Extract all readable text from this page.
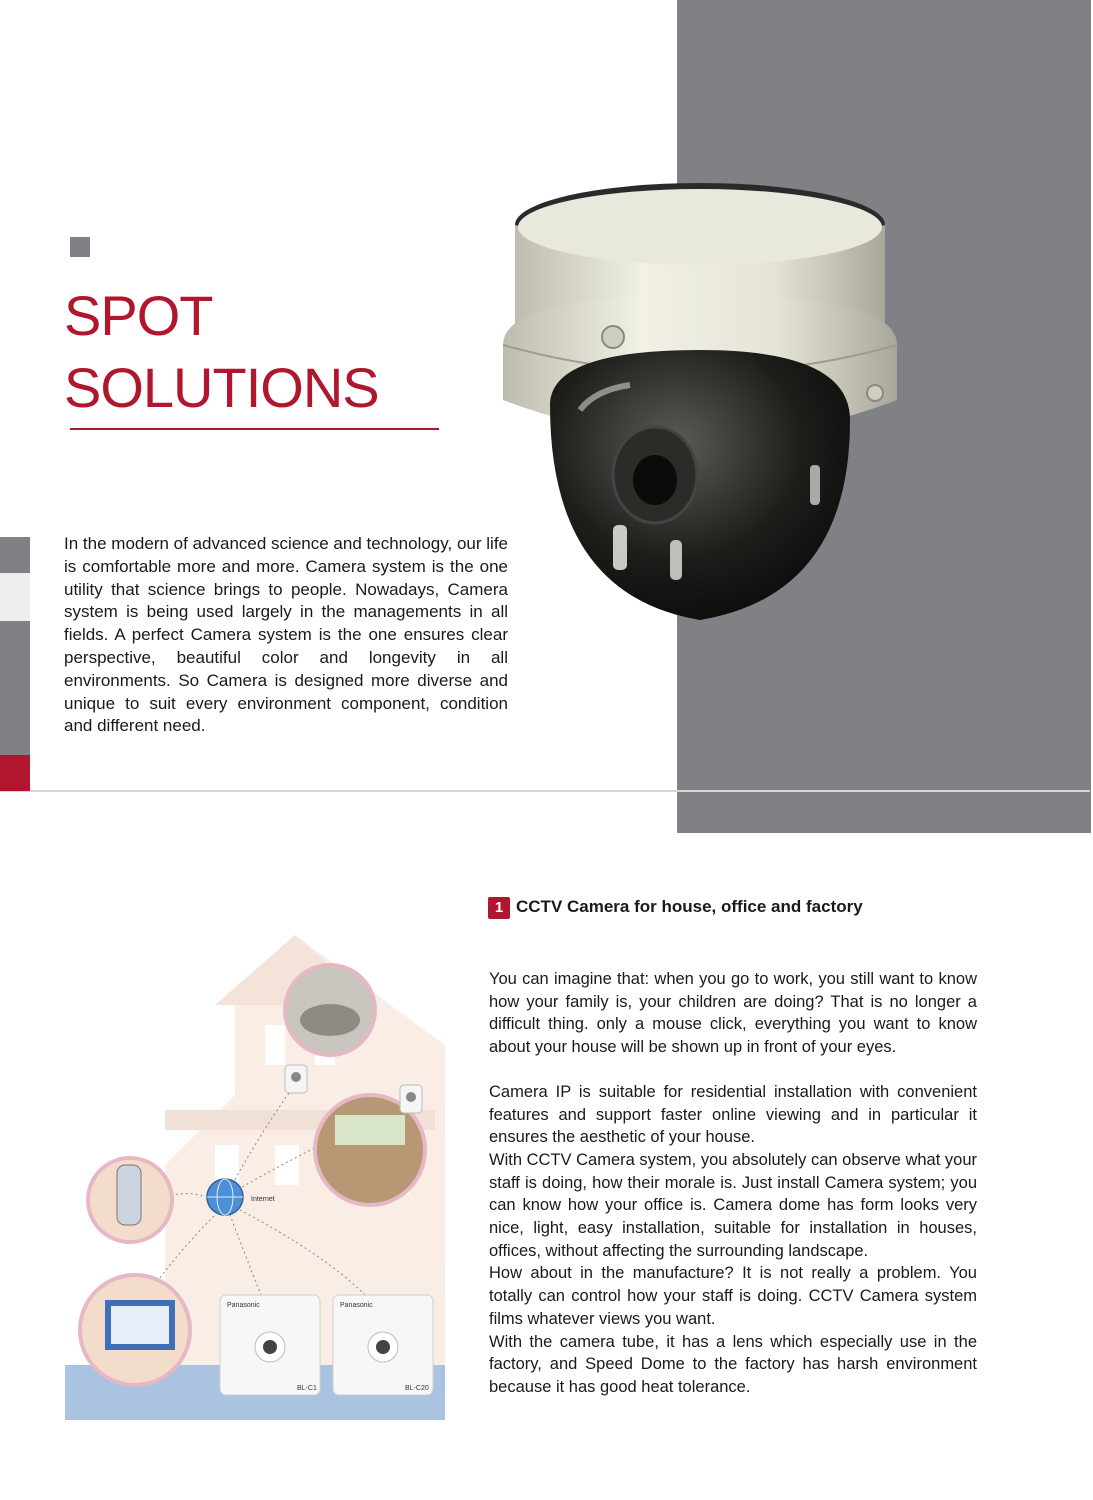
SPOT
SOLUTIONS

In the modern of advanced science and technology, our life is comfortable more and more. Camera system is the one utility that science brings to people. Nowadays, Camera system is being used largely in the managements in all fields. A perfect Camera system is the one ensures clear perspective, beautiful color and longevity in all environments. So Camera is designed more diverse and unique to suit every environment component, condition and different need.

1 CCTV Camera for house, office and factory

You can imagine that: when you go to work, you still want to know how your family is, your children are doing? That is no longer a difficult thing. only a mouse click, everything you want to know about your house will be shown up in front of your eyes.

Camera IP is suitable for residential installation with convenient features and support faster online viewing and in particular it ensures the aesthetic of your house.

With CCTV Camera system, you absolutely can observe what your staff is doing, how their morale is. Just install Camera system; you can know how your office is. Camera dome has form looks very nice, light, easy installation, suitable for installation in houses, offices, without affecting the surrounding landscape.

How about in the manufacture? It is not really a problem. You totally can control how your staff is doing. CCTV Camera system films whatever views you want.

With the camera tube, it has a lens which especially use in the factory, and Speed Dome to the factory has harsh environment because it has good heat tolerance.

Internet
Panasonic
BL-C1
Panasonic
BL-C20
